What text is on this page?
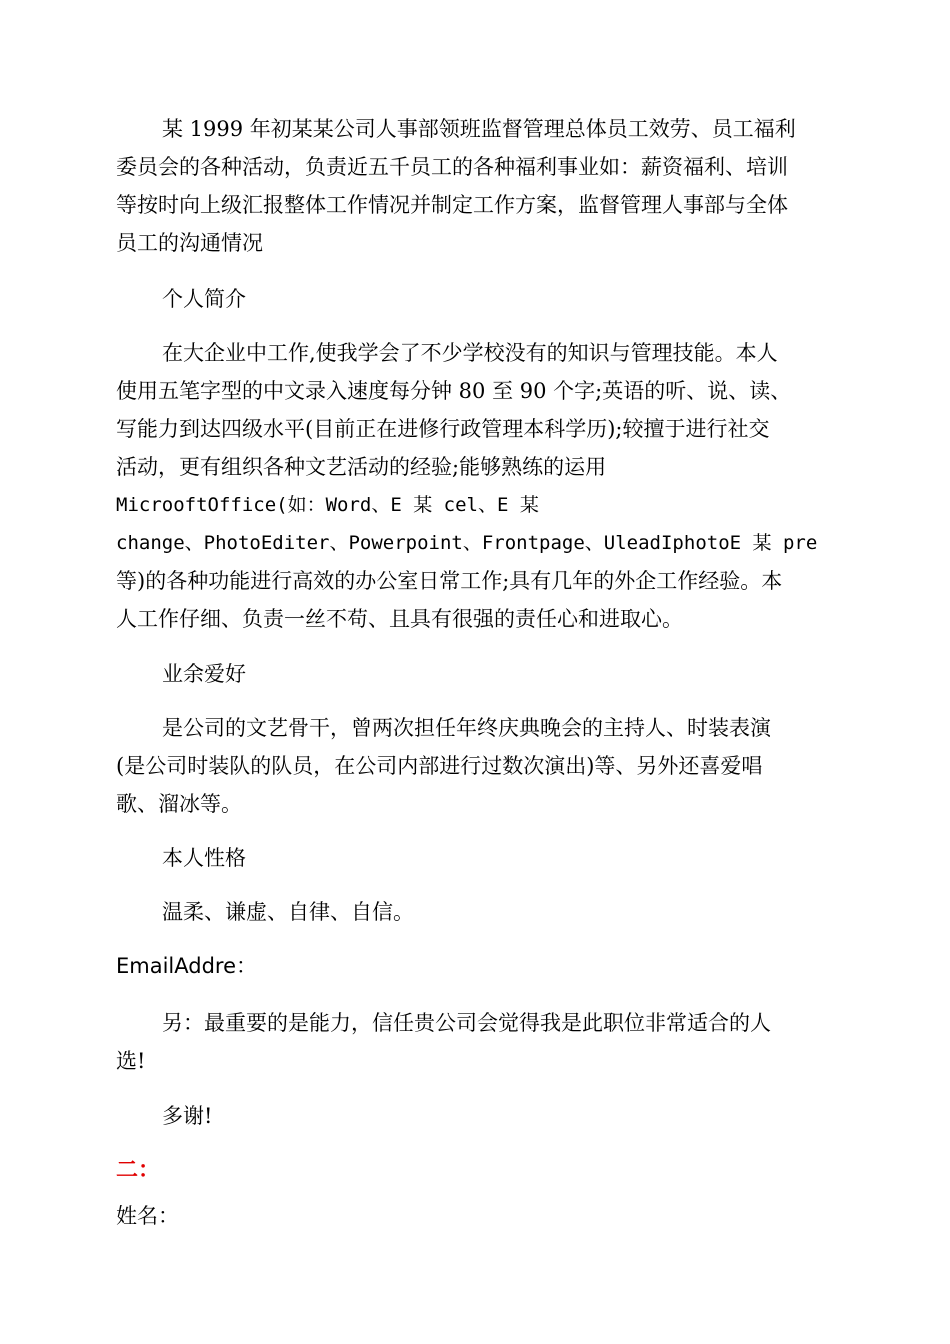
某 1999 年初某某公司人事部领班监督管理总体员工效劳、员工福利
委员会的各种活动，负责近五千员工的各种福利事业如：薪资福利、培训
等按时向上级汇报整体工作情况并制定工作方案，监督管理人事部与全体
员工的沟通情况
个人简介
在大企业中工作,使我学会了不少学校没有的知识与管理技能。本人
使用五笔字型的中文录入速度每分钟 80 至 90 个字;英语的听、说、读、
写能力到达四级水平(目前正在进修行政管理本科学历);较擅于进行社交
活动，更有组织各种文艺活动的经验;能够熟练的运用
MicrooftOffice(如：Word、E 某 cel、E 某
change、PhotoEditer、Powerpoint、Frontpage、UleadIphotoE 某 pre
等)的各种功能进行高效的办公室日常工作;具有几年的外企工作经验。本
人工作仔细、负责一丝不苟、且具有很强的责任心和进取心。
业余爱好
是公司的文艺骨干，曾两次担任年终庆典晚会的主持人、时装表演
(是公司时装队的队员，在公司内部进行过数次演出)等、另外还喜爱唱
歌、溜冰等。
本人性格
温柔、谦虚、自律、自信。
EmailAddre：
另：最重要的是能力，信任贵公司会觉得我是此职位非常适合的人
选!
多谢!
二：
姓名：
